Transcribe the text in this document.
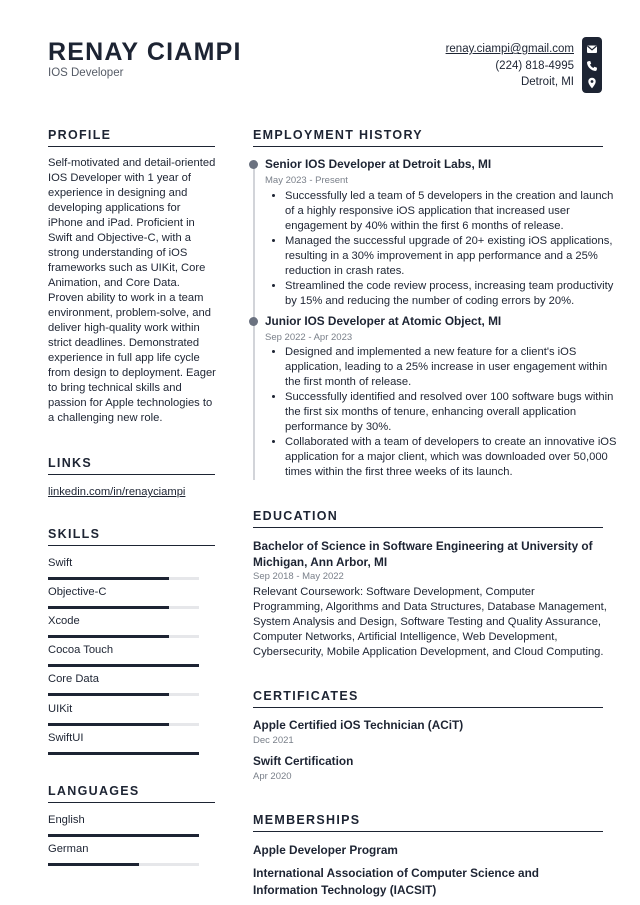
RENAY CIAMPI
IOS Developer
renay.ciampi@gmail.com
(224) 818-4995
Detroit, MI
PROFILE
Self-motivated and detail-oriented IOS Developer with 1 year of experience in designing and developing applications for iPhone and iPad. Proficient in Swift and Objective-C, with a strong understanding of iOS frameworks such as UIKit, Core Animation, and Core Data. Proven ability to work in a team environment, problem-solve, and deliver high-quality work within strict deadlines. Demonstrated experience in full app life cycle from design to deployment. Eager to bring technical skills and passion for Apple technologies to a challenging new role.
LINKS
linkedin.com/in/renayciampi
SKILLS
Swift
Objective-C
Xcode
Cocoa Touch
Core Data
UIKit
SwiftUI
LANGUAGES
English
German
EMPLOYMENT HISTORY
Senior IOS Developer at Detroit Labs, MI
May 2023 - Present
• Successfully led a team of 5 developers in the creation and launch of a highly responsive iOS application that increased user engagement by 40% within the first 6 months of release.
• Managed the successful upgrade of 20+ existing iOS applications, resulting in a 30% improvement in app performance and a 25% reduction in crash rates.
• Streamlined the code review process, increasing team productivity by 15% and reducing the number of coding errors by 20%.
Junior IOS Developer at Atomic Object, MI
Sep 2022 - Apr 2023
• Designed and implemented a new feature for a client's iOS application, leading to a 25% increase in user engagement within the first month of release.
• Successfully identified and resolved over 100 software bugs within the first six months of tenure, enhancing overall application performance by 30%.
• Collaborated with a team of developers to create an innovative iOS application for a major client, which was downloaded over 50,000 times within the first three weeks of its launch.
EDUCATION
Bachelor of Science in Software Engineering at University of Michigan, Ann Arbor, MI
Sep 2018 - May 2022
Relevant Coursework: Software Development, Computer Programming, Algorithms and Data Structures, Database Management, System Analysis and Design, Software Testing and Quality Assurance, Computer Networks, Artificial Intelligence, Web Development, Cybersecurity, Mobile Application Development, and Cloud Computing.
CERTIFICATES
Apple Certified iOS Technician (ACiT)
Dec 2021
Swift Certification
Apr 2020
MEMBERSHIPS
Apple Developer Program
International Association of Computer Science and Information Technology (IACSIT)
